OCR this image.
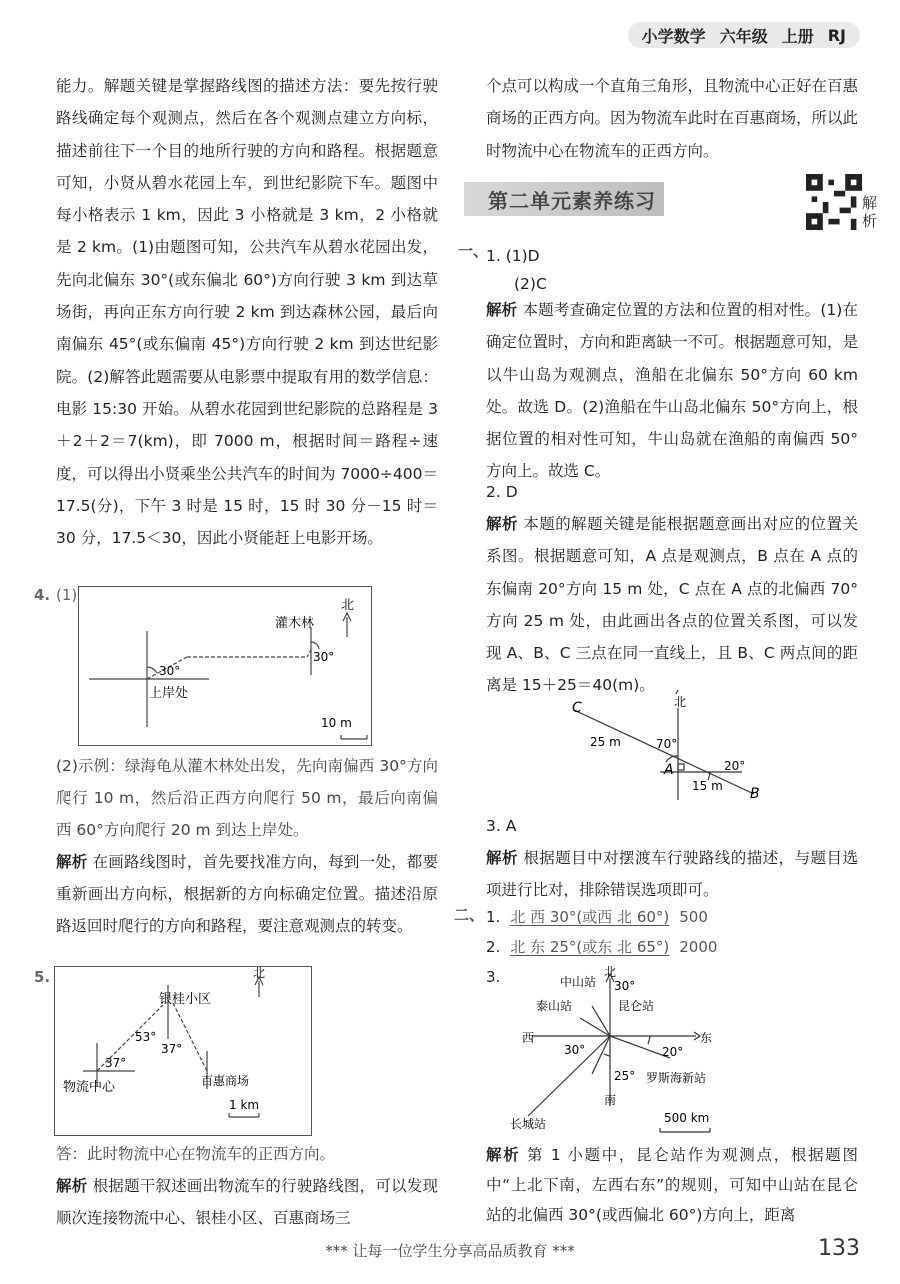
小学数学 六年级 上册 RJ

能力。解题关键是掌握路线图的描述方法：要先按行驶路线确定每个观测点，然后在各个观测点建立方向标，描述前往下一个目的地所行驶的方向和路程。根据题意可知，小贤从碧水花园上车，到世纪影院下车。题图中每小格表示 1 km，因此 3 小格就是 3 km，2 小格就是 2 km。(1)由题图可知，公共汽车从碧水花园出发，先向北偏东 30°(或东偏北 60°)方向行驶 3 km 到达草场街，再向正东方向行驶 2 km 到达森林公园，最后向南偏东 45°(或东偏南 45°)方向行驶 2 km 到达世纪影院。(2)解答此题需要从电影票中提取有用的数学信息：电影 15:30 开始。从碧水花园到世纪影院的总路程是 3＋2＋2＝7(km)，即 7000 m，根据时间＝路程÷速度，可以得出小贤乘坐公共汽车的时间为 7000÷400＝17.5(分)，下午 3 时是 15 时，15 时 30 分－15 时＝30 分，17.5＜30，因此小贤能赶上电影开场。

4. (1)
北
灌木林
30°
30°
上岸处
10 m
(2)示例：绿海龟从灌木林处出发，先向南偏西 30°方向爬行 10 m，然后沿正西方向爬行 50 m，最后向南偏西 60°方向爬行 20 m 到达上岸处。
解析 在画路线图时，首先要找准方向，每到一处，都要重新画出方向标，根据新的方向标确定位置。描述沿原路返回时爬行的方向和路程，要注意观测点的转变。
5.	北
银桂小区
53°
37°
37°
物流中心	百惠商场
1 km
答：此时物流中心在物流车的正西方向。
解析 根据题干叙述画出物流车的行驶路线图，可以发现顺次连接物流中心、银桂小区、百惠商场三

个点可以构成一个直角三角形，且物流中心正好在百惠商场的正西方向。因为物流车此时在百惠商场，所以此时物流中心在物流车的正西方向。

第二单元素养练习	解析
一、
1. (1)D
(2)C
解析 本题考查确定位置的方法和位置的相对性。(1)在确定位置时，方向和距离缺一不可。根据题意可知，是以牛山岛为观测点，渔船在北偏东 50°方向 60 km 处。故选 D。(2)渔船在牛山岛北偏东 50°方向上，根据位置的相对性可知，牛山岛就在渔船的南偏西 50°方向上。故选 C。
2. D
解析 本题的解题关键是能根据题意画出对应的位置关系图。根据题意可知，A 点是观测点，B 点在 A 点的东偏南 20°方向 15 m 处，C 点在 A 点的北偏西 70°方向 25 m 处，由此画出各点的位置关系图，可以发现 A、B、C 三点在同一直线上，且 B、C 两点间的距离是 15＋25＝40(m)。
北
C
A
B
25 m
15 m
70°
20°
3. A
解析 根据题目中对摆渡车行驶路线的描述，与题目选项进行比对，排除错误选项即可。
二、 1. 北 西 30°(或西 北 60°) 500
2. 北 东 25°(或东 北 65°) 2000
3.	北
南
西	东
中山站 30°
泰山站	昆仑站
30°	20°
25° 罗斯海新站
长城站	500 km
解析 第 1 小题中，昆仑站作为观测点，根据题图中“上北下南，左西右东”的规则，可知中山站在昆仑站的北偏西 30°(或西偏北 60°)方向上，距离
*** 让每一位学生分享高品质教育 ***	133
